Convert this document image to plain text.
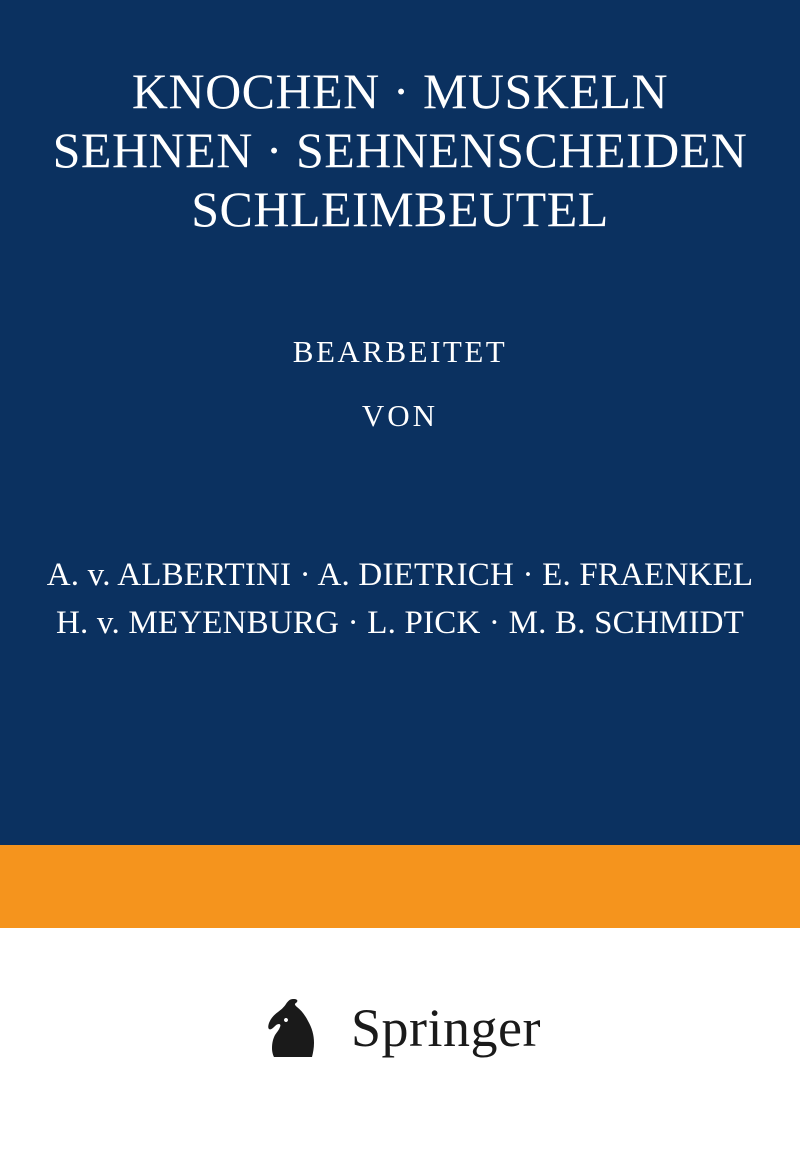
KNOCHEN · MUSKELN
SEHNEN · SEHNENSCHEIDEN
SCHLEIMBEUTEL
BEARBEITET
VON
A. v. ALBERTINI · A. DIETRICH · E. FRAENKEL
H. v. MEYENBURG · L. PICK · M. B. SCHMIDT
Springer
